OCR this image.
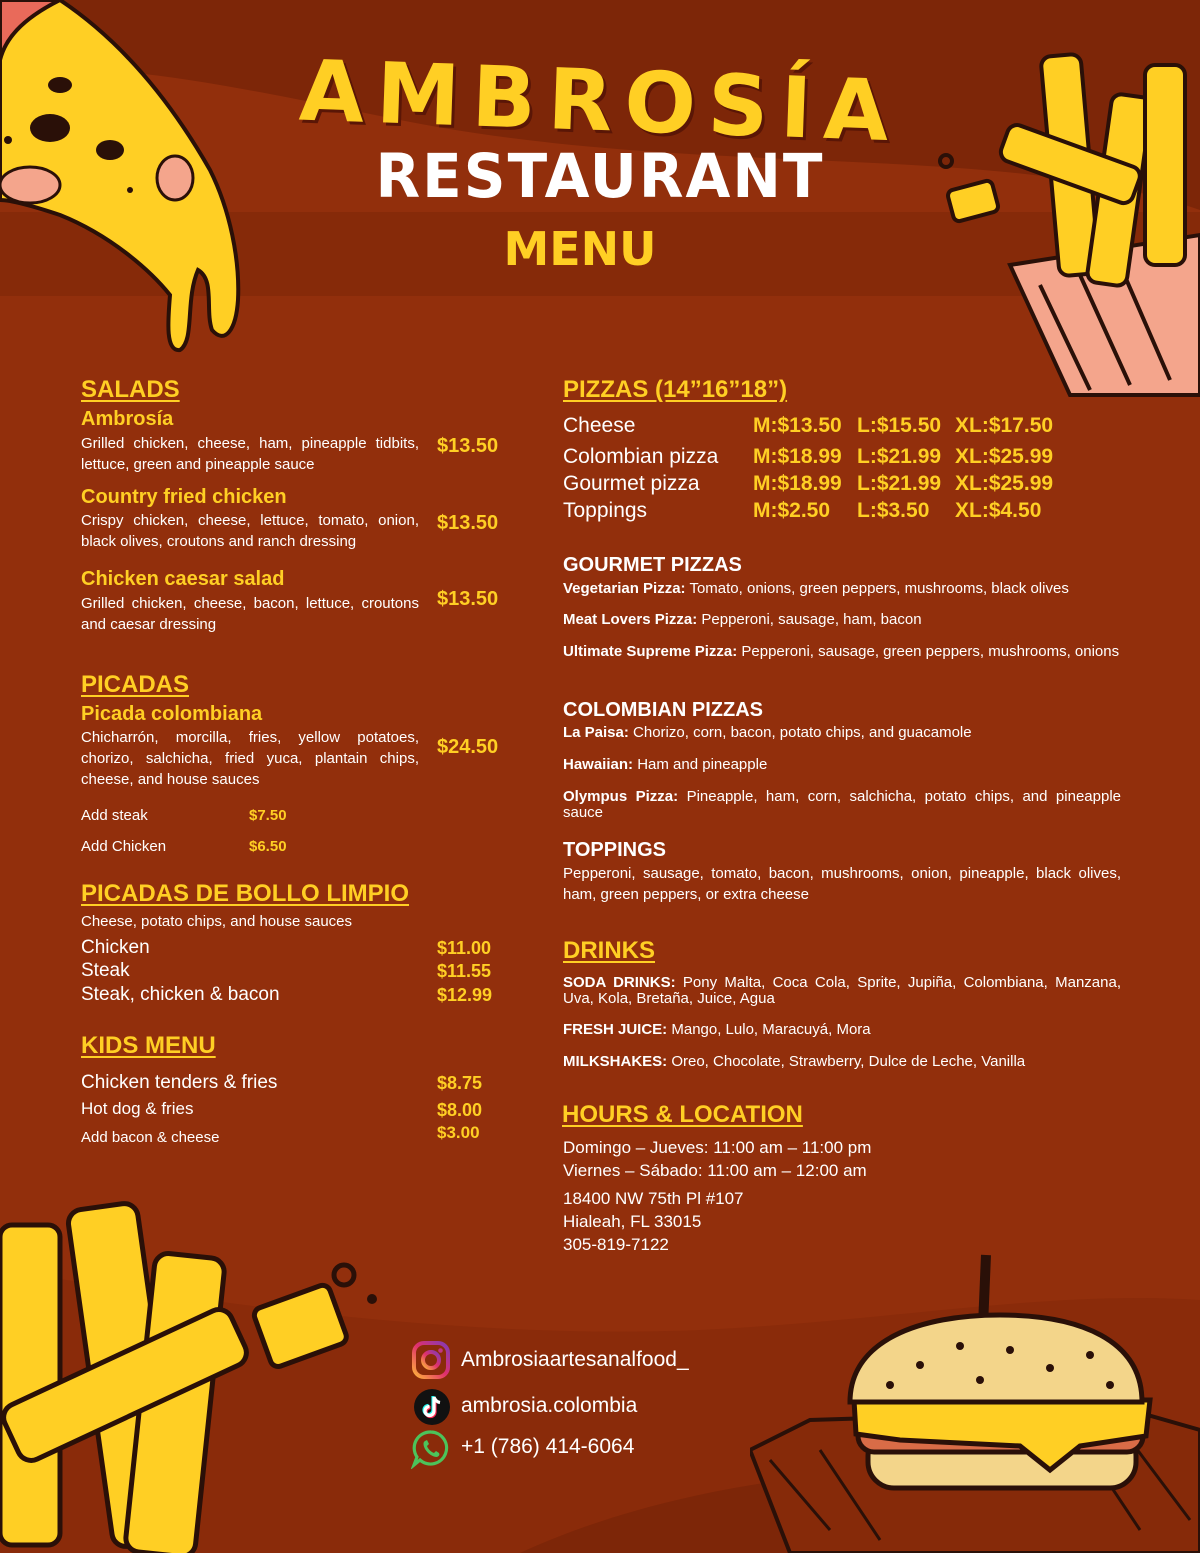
AMBROSÍA
RESTAURANT
MENU
SALADS
Ambrosía
Grilled chicken, cheese, ham, pineapple tidbits, lettuce, green and pineapple sauce
$13.50
Country fried chicken
Crispy chicken, cheese, lettuce, tomato, onion, black olives, croutons and ranch dressing
$13.50
Chicken caesar salad
Grilled chicken, cheese, bacon, lettuce, croutons and caesar dressing
$13.50
PICADAS
Picada colombiana
Chicharrón, morcilla, fries, yellow potatoes, chorizo, salchicha, fried yuca, plantain chips, cheese, and house sauces
$24.50
Add steak	$7.50
Add Chicken	$6.50
PICADAS DE BOLLO LIMPIO
Cheese, potato chips, and house sauces
Chicken	$11.00
Steak	$11.55
Steak, chicken & bacon	$12.99
KIDS MENU
Chicken tenders & fries	$8.75
Hot dog & fries	$8.00
Add bacon & cheese	$3.00
PIZZAS (14”16”18”)
Cheese	M:$13.50 L:$15.50 XL:$17.50
Colombian pizza M:$18.99 L:$21.99 XL:$25.99
Gourmet pizza	M:$18.99 L:$21.99 XL:$25.99
Toppings	M:$2.50 L:$3.50 XL:$4.50
GOURMET PIZZAS
Vegetarian Pizza: Tomato, onions, green peppers, mushrooms, black olives
Meat Lovers Pizza: Pepperoni, sausage, ham, bacon
Ultimate Supreme Pizza: Pepperoni, sausage, green peppers, mushrooms, onions
COLOMBIAN PIZZAS
La Paisa: Chorizo, corn, bacon, potato chips, and guacamole
Hawaiian: Ham and pineapple
Olympus Pizza: Pineapple, ham, corn, salchicha, potato chips, and pineapple sauce
TOPPINGS
Pepperoni, sausage, tomato, bacon, mushrooms, onion, pineapple, black olives, ham, green peppers, or extra cheese
DRINKS
SODA DRINKS: Pony Malta, Coca Cola, Sprite, Jupiña, Colombiana, Manzana, Uva, Kola, Bretaña, Juice, Agua
FRESH JUICE: Mango, Lulo, Maracuyá, Mora
MILKSHAKES: Oreo, Chocolate, Strawberry, Dulce de Leche, Vanilla
HOURS & LOCATION
Domingo – Jueves: 11:00 am – 11:00 pm
Viernes – Sábado: 11:00 am – 12:00 am
18400 NW 75th Pl #107
Hialeah, FL 33015
305-819-7122
Ambrosiaartesanalfood_
ambrosia.colombia
+1 (786) 414-6064
